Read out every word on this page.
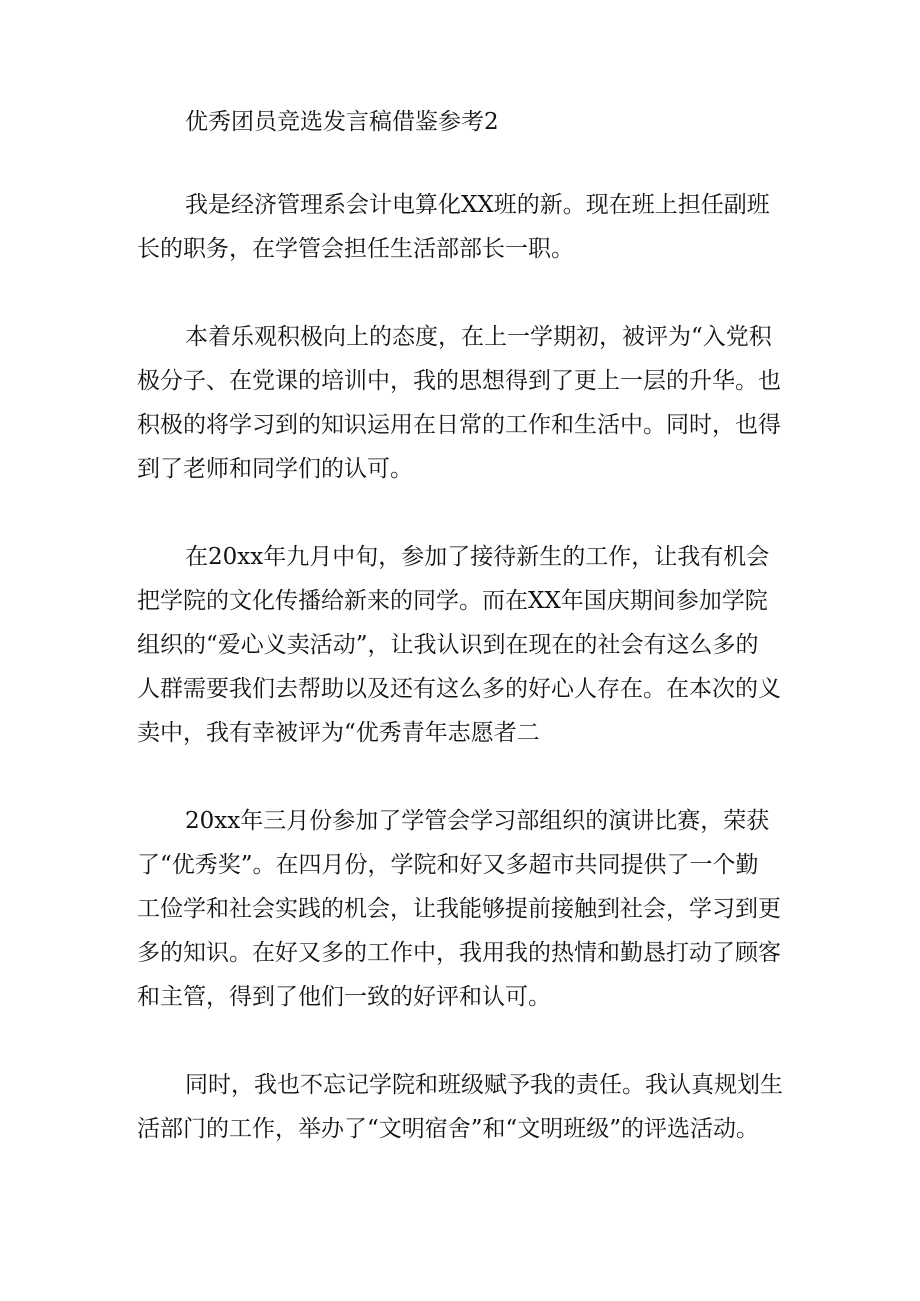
优秀团员竞选发言稿借鉴参考2
我是经济管理系会计电算化XX班的新。现在班上担任副班
长的职务，在学管会担任生活部部长一职。
本着乐观积极向上的态度，在上一学期初，被评为“入党积
极分子、在党课的培训中，我的思想得到了更上一层的升华。也
积极的将学习到的知识运用在日常的工作和生活中。同时，也得
到了老师和同学们的认可。
在20xx年九月中旬，参加了接待新生的工作，让我有机会
把学院的文化传播给新来的同学。而在XX年国庆期间参加学院
组织的“爱心义卖活动”，让我认识到在现在的社会有这么多的
人群需要我们去帮助以及还有这么多的好心人存在。在本次的义
卖中，我有幸被评为“优秀青年志愿者二
20xx年三月份参加了学管会学习部组织的演讲比赛，荣获
了“优秀奖”。在四月份，学院和好又多超市共同提供了一个勤
工俭学和社会实践的机会，让我能够提前接触到社会，学习到更
多的知识。在好又多的工作中，我用我的热情和勤恳打动了顾客
和主管，得到了他们一致的好评和认可。
同时，我也不忘记学院和班级赋予我的责任。我认真规划生
活部门的工作，举办了“文明宿舍”和“文明班级”的评选活动。
